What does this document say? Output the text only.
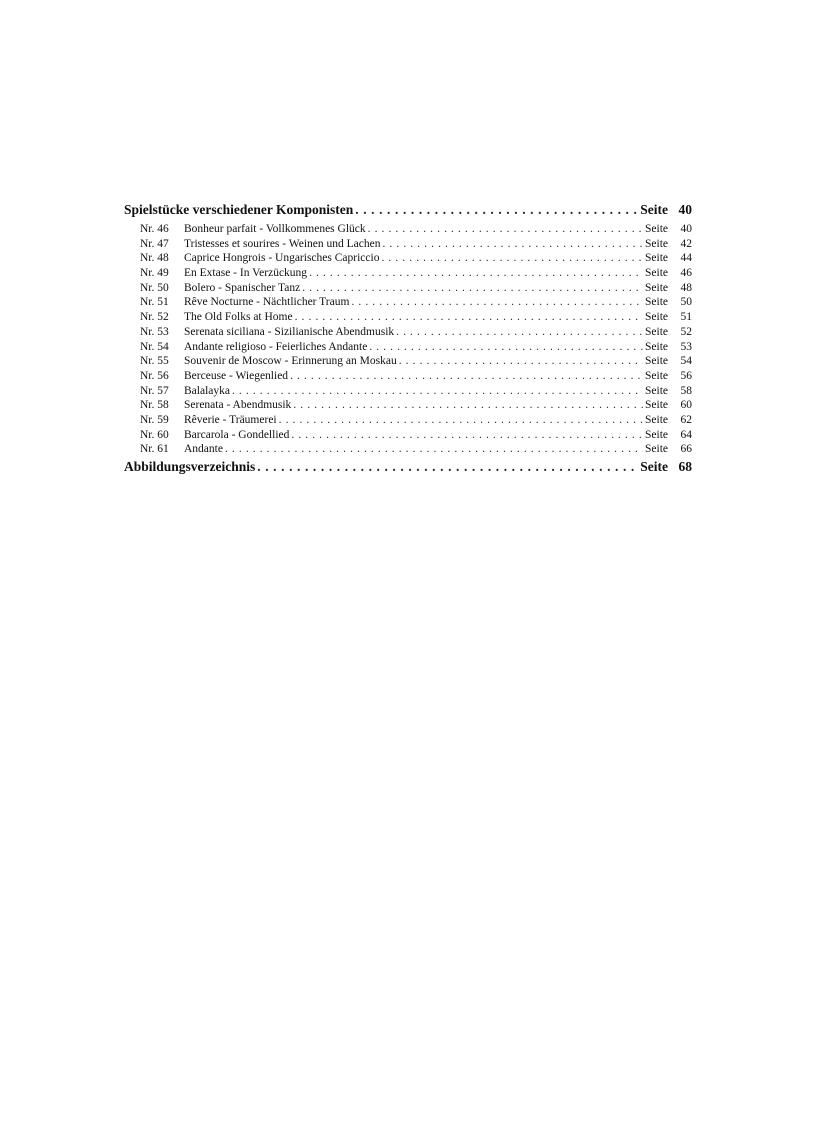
Spielstücke verschiedener Komponisten . . .	Seite 40
Nr. 46	Bonheur parfait - Vollkommenes Glück . . .	Seite	40
Nr. 47	Tristesses et sourires - Weinen und Lachen . . .	Seite	42
Nr. 48	Caprice Hongrois - Ungarisches Capriccio . . .	Seite	44
Nr. 49	En Extase - In Verzückung . . .	Seite	46
Nr. 50	Bolero - Spanischer Tanz . . .	Seite	48
Nr. 51	Rêve Nocturne - Nächtlicher Traum . . .	Seite	50
Nr. 52	The Old Folks at Home . . .	Seite	51
Nr. 53	Serenata siciliana - Sizilianische Abendmusik . . .	Seite	52
Nr. 54	Andante religioso - Feierliches Andante . . .	Seite	53
Nr. 55	Souvenir de Moscow - Erinnerung an Moskau . . .	Seite	54
Nr. 56	Berceuse - Wiegenlied . . .	Seite	56
Nr. 57	Balalayka . . .	Seite	58
Nr. 58	Serenata - Abendmusik . . .	Seite	60
Nr. 59	Rêverie - Träumerei . . .	Seite	62
Nr. 60	Barcarola - Gondellied . . .	Seite	64
Nr. 61	Andante . . .	Seite	66
Abbildungsverzeichnis . . .	Seite 68
